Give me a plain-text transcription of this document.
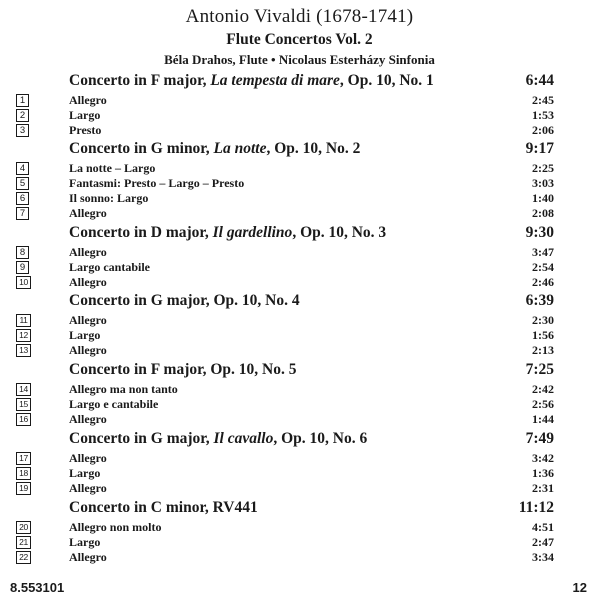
Antonio Vivaldi (1678-1741)
Flute Concertos Vol. 2
Béla Drahos, Flute • Nicolaus Esterházy Sinfonia
Concerto in F major, La tempesta di mare, Op. 10, No. 1	6:44
1	Allegro	2:45
2	Largo	1:53
3	Presto	2:06
Concerto in G minor, La notte, Op. 10, No. 2	9:17
4	La notte – Largo	2:25
5	Fantasmi: Presto – Largo – Presto	3:03
6	Il sonno: Largo	1:40
7	Allegro	2:08
Concerto in D major, Il gardellino, Op. 10, No. 3	9:30
8	Allegro	3:47
9	Largo cantabile	2:54
10	Allegro	2:46
Concerto in G major, Op. 10, No. 4	6:39
11	Allegro	2:30
12	Largo	1:56
13	Allegro	2:13
Concerto in F major, Op. 10, No. 5	7:25
14	Allegro ma non tanto	2:42
15	Largo e cantabile	2:56
16	Allegro	1:44
Concerto in G major, Il cavallo, Op. 10, No. 6	7:49
17	Allegro	3:42
18	Largo	1:36
19	Allegro	2:31
Concerto in C minor, RV441	11:12
20	Allegro non molto	4:51
21	Largo	2:47
22	Allegro	3:34
8.553101	12
